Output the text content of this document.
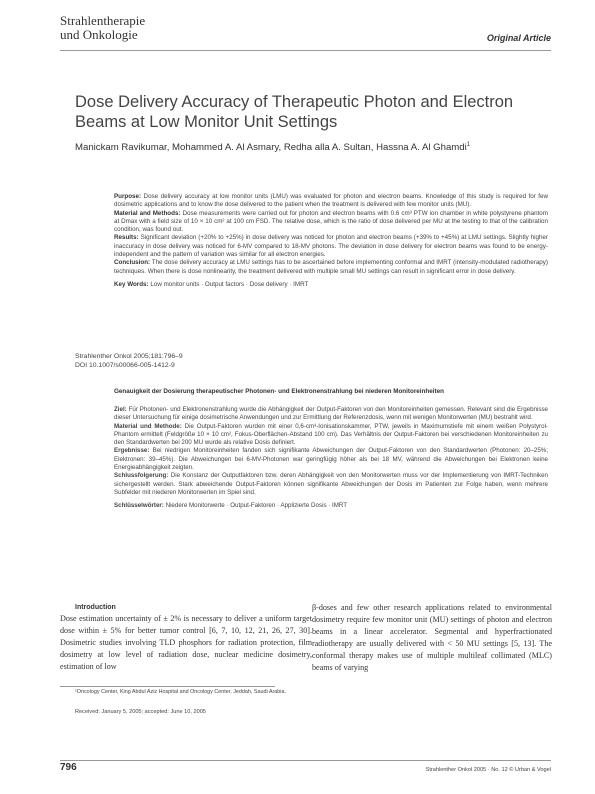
Strahlentherapie
und Onkologie	Original Article
Dose Delivery Accuracy of Therapeutic Photon and Electron Beams at Low Monitor Unit Settings
Manickam Ravikumar, Mohammed A. Al Asmary, Redha alla A. Sultan, Hassna A. Al Ghamdi$^1$

Purpose: Dose delivery accuracy at low monitor units (LMU) was evaluated for photon and electron beams. Knowledge of this study is required for few dosimetric applications and to know the dose delivered to the patient when the treatment is delivered with few monitor units (MU).

Material and Methods: Dose measurements were carried out for photon and electron beams with 0.6 cm³ PTW ion chamber in white polystyrene phantom at Dmax with a field size of 10 × 10 cm² at 100 cm FSD. The relative dose, which is the ratio of dose delivered per MU at the testing to that of the calibration condition, was found out.

Results: Significant deviation (+20% to +25%) in dose delivery was noticed for photon and electron beams (+39% to +45%) at LMU settings. Slightly higher inaccuracy in dose delivery was noticed for 6-MV compared to 18-MV photons. The deviation in dose delivery for electron beams was found to be energy-independent and the pattern of variation was similar for all electron energies.

Conclusion: The dose delivery accuracy at LMU settings has to be ascertained before implementing conformal and IMRT (intensity-modulated radiotherapy) techniques. When there is dose nonlinearity, the treatment delivered with multiple small MU settings can result in significant error in dose delivery.

Key Words: Low monitor units · Output factors · Dose delivery · IMRT

Strahlenther Onkol 2005;181:796–9
DOI 10.1007/s00066-005-1412-9
Genauigkeit der Dosierung therapeutischer Photonen- und Elektronenstrahlung bei niederen Monitoreinheiten

Ziel: Für Photonen- und Elektronenstrahlung wurde die Abhängigkeit der Output-Faktoren von den Monitoreinheiten gemessen. Relevant sind die Ergebnisse dieser Untersuchung für einige dosimetrische Anwendungen und zur Ermittlung der Referenzdosis, wenn mit wenigen Monitorwerten (MU) bestrahlt wird.

Material und Methode: Die Output-Faktoren wurden mit einer 0,6-cm³-Ionisationskammer, PTW, jeweils in Maximumstiefe mit einem weißen Polystyrol-Phantom ermittelt (Feldgröße 10 × 10 cm², Fokus-Oberflächen-Abstand 100 cm). Das Verhältnis der Output-Faktoren bei verschiedenen Monitoreinheiten zu den Standardwerten bei 200 MU wurde als relative Dosis definiert.

Ergebnisse: Bei niedrigen Monitoreinheiten fanden sich signifikante Abweichungen der Output-Faktoren von den Standardwerten (Photonen: 20–25%; Elektronen: 39–45%). Die Abweichungen bei 6-MV-Photonen war geringfügig höher als bei 18 MV, während die Abweichungen bei Elektronen keine Energieabhängigkeit zeigten.

Schlussfolgerung: Die Konstanz der Outputfaktoren bzw. deren Abhängigkeit von den Monitorwerten muss vor der Implementierung von IMRT-Techniken sichergestellt werden. Stark abweichende Output-Faktoren können signifikante Abweichungen der Dosis im Patienten zur Folge haben, wenn mehrere Subfelder mit niederen Monitorwerten im Spiel sind.

Schlüsselwörter: Niedere Monitorwerte · Output-Faktoren · Applizierte Dosis · IMRT

Introduction
Dose estimation uncertainty of ± 2% is necessary to deliver a uniform target dose within ± 5% for better tumor control [6, 7, 10, 12, 21, 26, 27, 30]. Dosimetric studies involving TLD phosphors for radiation protection, film dosimetry at low level of radiation dose, nuclear medicine dosimetry, estimation of low
β-doses and few other research applications related to environmental dosimetry require few monitor unit (MU) settings of photon and electron beams in a linear accelerator. Segmental and hyperfractionated radiotherapy are usually delivered with < 50 MU settings [5, 13]. The conformal therapy makes use of multiple multileaf collimated (MLC) beams of varying
¹Oncology Center, King Abdul Aziz Hospital and Oncology Center, Jeddah, Saudi Arabia.
Received: January 5, 2005; accepted: June 10, 2005
796	Strahlenther Onkol 2005 · No. 12 © Urban & Vogel
